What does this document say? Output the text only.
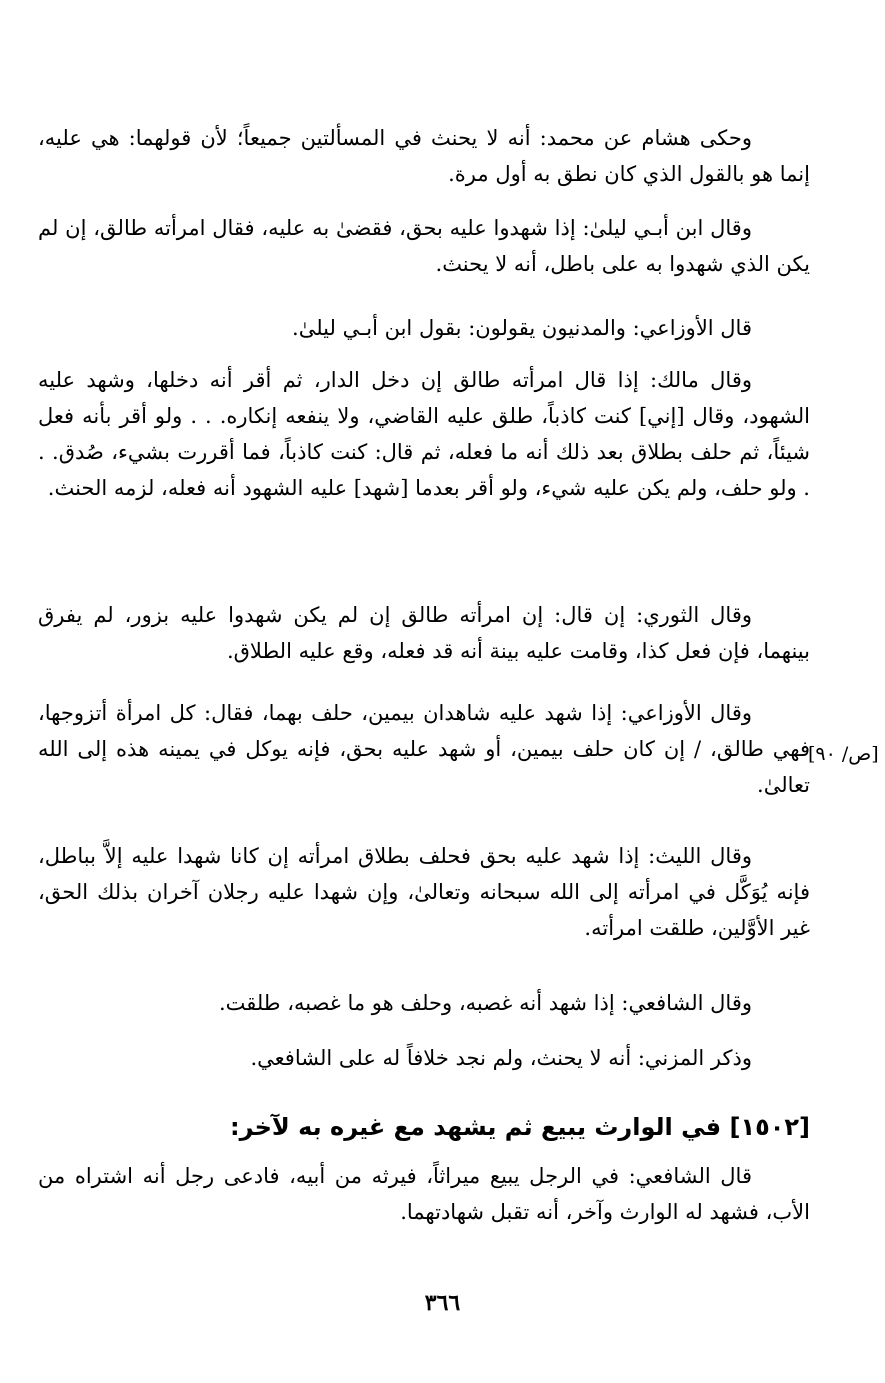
وحكى هشام عن محمد: أنه لا يحنث في المسألتين جميعاً؛ لأن قولهما: هي عليه، إنما هو بالقول الذي كان نطق به أول مرة.

وقال ابن أبـي ليلىٰ: إذا شهدوا عليه بحق، فقضىٰ به عليه، فقال امرأته طالق، إن لم يكن الذي شهدوا به على باطل، أنه لا يحنث.

قال الأوزاعي: والمدنيون يقولون: بقول ابن أبـي ليلىٰ.

وقال مالك: إذا قال امرأته طالق إن دخل الدار، ثم أقر أنه دخلها، وشهد عليه الشهود، وقال [إني] كنت كاذباً، طلق عليه القاضي، ولا ينفعه إنكاره. . . ولو أقر بأنه فعل شيئاً، ثم حلف بطلاق بعد ذلك أنه ما فعله، ثم قال: كنت كاذباً، فما أقررت بشيء، صُدق. . . ولو حلف، ولم يكن عليه شيء، ولو أقر بعدما [شهد] عليه الشهود أنه فعله، لزمه الحنث.

وقال الثوري: إن قال: إن امرأته طالق إن لم يكن شهدوا عليه بزور، لم يفرق بينهما، فإن فعل كذا، وقامت عليه بينة أنه قد فعله، وقع عليه الطلاق.

وقال الأوزاعي: إذا شهد عليه شاهدان بيمين، حلف بهما، فقال: كل امرأة أتزوجها، فهي طالق، / إن كان حلف بيمين، أو شهد عليه بحق، فإنه يوكل في يمينه هذه إلى الله تعالىٰ.

وقال الليث: إذا شهد عليه بحق فحلف بطلاق امرأته إن كانا شهدا عليه إلاَّ بباطل، فإنه يُوَكَّل في امرأته إلى الله سبحانه وتعالىٰ، وإن شهدا عليه رجلان آخران بذلك الحق، غير الأوَّلين، طلقت امرأته.

وقال الشافعي: إذا شهد أنه غصبه، وحلف هو ما غصبه، طلقت.

وذكر المزني: أنه لا يحنث، ولم نجد خلافاً له على الشافعي.

[١٥٠٢] في الوارث يبيع ثم يشهد مع غيره به لآخر:

قال الشافعي: في الرجل يبيع ميراثاً، فيرثه من أبيه، فادعى رجل أنه اشتراه من الأب، فشهد له الوارث وآخر، أنه تقبل شهادتهما.

[ص/ ٩٠]
٣٦٦
